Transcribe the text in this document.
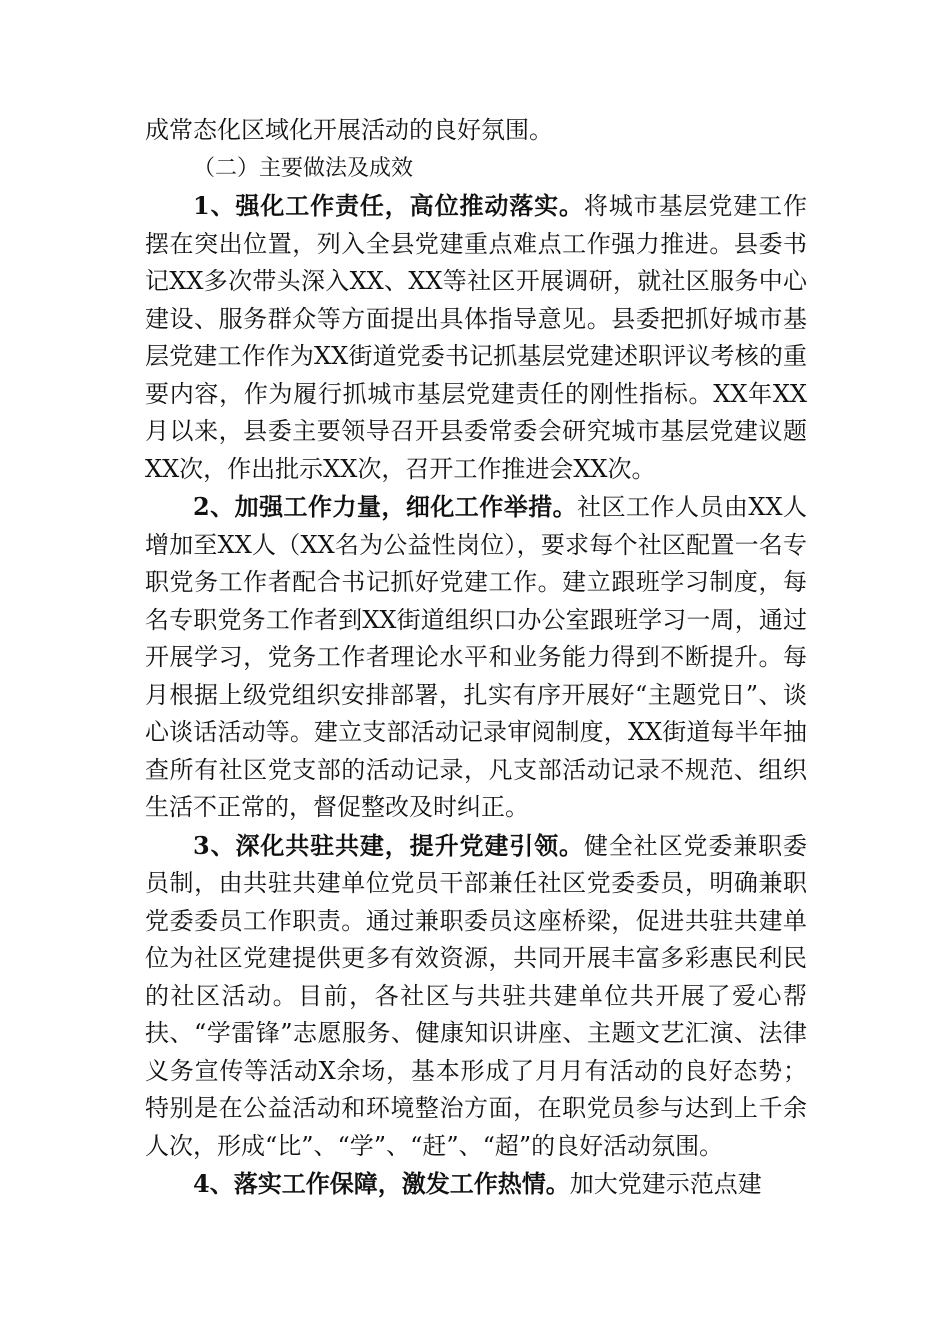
成常态化区域化开展活动的良好氛围。

（二）主要做法及成效

1、强化工作责任，高位推动落实。将城市基层党建工作摆在突出位置，列入全县党建重点难点工作强力推进。县委书记XX多次带头深入XX、XX等社区开展调研，就社区服务中心建设、服务群众等方面提出具体指导意见。县委把抓好城市基层党建工作作为XX街道党委书记抓基层党建述职评议考核的重要内容，作为履行抓城市基层党建责任的刚性指标。XX年XX月以来，县委主要领导召开县委常委会研究城市基层党建议题XX次，作出批示XX次，召开工作推进会XX次。

2、加强工作力量，细化工作举措。社区工作人员由XX人增加至XX人（XX名为公益性岗位），要求每个社区配置一名专职党务工作者配合书记抓好党建工作。建立跟班学习制度，每名专职党务工作者到XX街道组织口办公室跟班学习一周，通过开展学习，党务工作者理论水平和业务能力得到不断提升。每月根据上级党组织安排部署，扎实有序开展好“主题党日”、谈心谈话活动等。建立支部活动记录审阅制度，XX街道每半年抽查所有社区党支部的活动记录，凡支部活动记录不规范、组织生活不正常的，督促整改及时纠正。

3、深化共驻共建，提升党建引领。健全社区党委兼职委员制，由共驻共建单位党员干部兼任社区党委委员，明确兼职党委委员工作职责。通过兼职委员这座桥梁，促进共驻共建单位为社区党建提供更多有效资源，共同开展丰富多彩惠民利民的社区活动。目前，各社区与共驻共建单位共开展了爱心帮扶、“学雷锋”志愿服务、健康知识讲座、主题文艺汇演、法律义务宣传等活动X余场，基本形成了月月有活动的良好态势；特别是在公益活动和环境整治方面，在职党员参与达到上千余人次，形成“比”、“学”、“赶”、“超”的良好活动氛围。

4、落实工作保障，激发工作热情。加大党建示范点建
